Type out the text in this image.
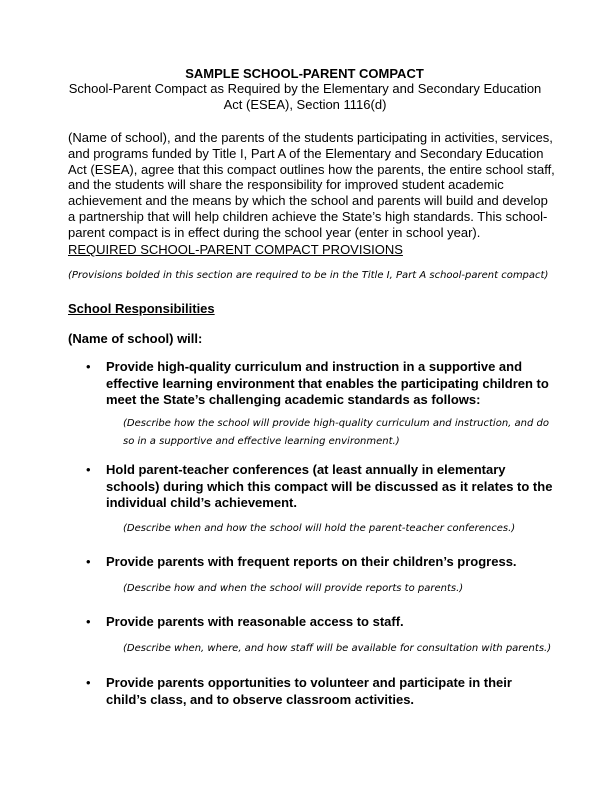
SAMPLE SCHOOL-PARENT COMPACT
School-Parent Compact as Required by the Elementary and Secondary Education Act (ESEA), Section 1116(d)
(Name of school), and the parents of the students participating in activities, services, and programs funded by Title I, Part A of the Elementary and Secondary Education Act (ESEA), agree that this compact outlines how the parents, the entire school staff, and the students will share the responsibility for improved student academic achievement and the means by which the school and parents will build and develop a partnership that will help children achieve the State’s high standards. This school-parent compact is in effect during the school year (enter in school year).
REQUIRED SCHOOL-PARENT COMPACT PROVISIONS
(Provisions bolded in this section are required to be in the Title I, Part A school-parent compact)
School Responsibilities
(Name of school) will:
• Provide high-quality curriculum and instruction in a supportive and effective learning environment that enables the participating children to meet the State’s challenging academic standards as follows:
(Describe how the school will provide high-quality curriculum and instruction, and do so in a supportive and effective learning environment.)
• Hold parent-teacher conferences (at least annually in elementary schools) during which this compact will be discussed as it relates to the individual child’s achievement.
(Describe when and how the school will hold the parent-teacher conferences.)
• Provide parents with frequent reports on their children’s progress.
(Describe how and when the school will provide reports to parents.)
• Provide parents with reasonable access to staff.
(Describe when, where, and how staff will be available for consultation with parents.)
• Provide parents opportunities to volunteer and participate in their child’s class, and to observe classroom activities.
